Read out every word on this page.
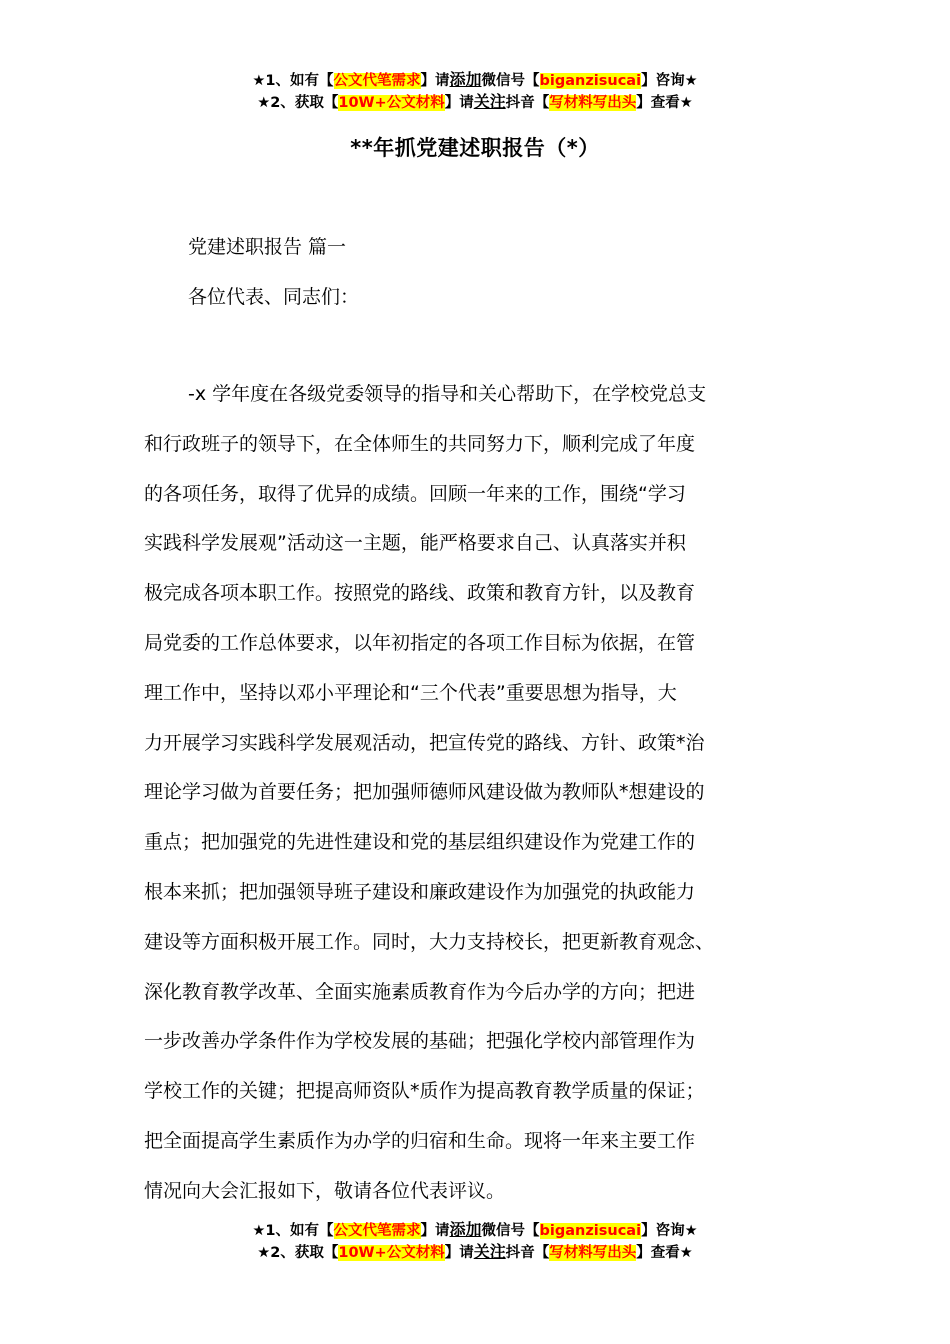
★1、如有【公文代笔需求】请添加微信号【biganzisucai】咨询★
★2、获取【10W+公文材料】请关注抖音【写材料写出头】查看★
**年抓党建述职报告（*）
党建述职报告 篇一
各位代表、同志们：
-x 学年度在各级党委领导的指导和关心帮助下，在学校党总支
和行政班子的领导下，在全体师生的共同努力下，顺利完成了年度
的各项任务，取得了优异的成绩。回顾一年来的工作，围绕“学习
实践科学发展观”活动这一主题，能严格要求自己、认真落实并积
极完成各项本职工作。按照党的路线、政策和教育方针，以及教育
局党委的工作总体要求，以年初指定的各项工作目标为依据，在管
理工作中，坚持以邓小平理论和“三个代表”重要思想为指导，大
力开展学习实践科学发展观活动，把宣传党的路线、方针、政策*治
理论学习做为首要任务；把加强师德师风建设做为教师队*想建设的
重点；把加强党的先进性建设和党的基层组织建设作为党建工作的
根本来抓；把加强领导班子建设和廉政建设作为加强党的执政能力
建设等方面积极开展工作。同时，大力支持校长，把更新教育观念、
深化教育教学改革、全面实施素质教育作为今后办学的方向；把进
一步改善办学条件作为学校发展的基础；把强化学校内部管理作为
学校工作的关键；把提高师资队*质作为提高教育教学质量的保证；
把全面提高学生素质作为办学的归宿和生命。现将一年来主要工作
情况向大会汇报如下，敬请各位代表评议。
★1、如有【公文代笔需求】请添加微信号【biganzisucai】咨询★
★2、获取【10W+公文材料】请关注抖音【写材料写出头】查看★
